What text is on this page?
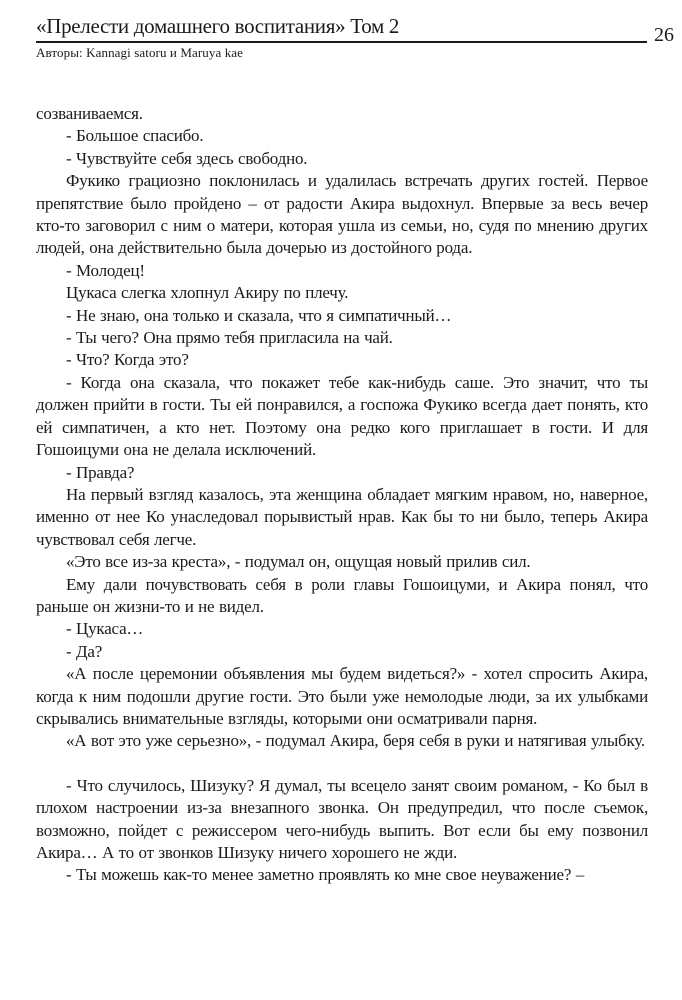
«Прелести домашнего воспитания» Том 2	26
Авторы: Kannagi satoru и Maruya kae

созваниваемся.

- Большое спасибо.

- Чувствуйте себя здесь свободно.

Фукико грациозно поклонилась и удалилась встречать других гостей. Первое препятствие было пройдено – от радости Акира выдохнул. Впервые за весь вечер кто-то заговорил с ним о матери, которая ушла из семьи, но, судя по мнению других людей, она действительно была дочерью из достойного рода.

- Молодец!

Цукаса слегка хлопнул Акиру по плечу.

- Не знаю, она только и сказала, что я симпатичный…

- Ты чего? Она прямо тебя пригласила на чай.

- Что? Когда это?

- Когда она сказала, что покажет тебе как-нибудь саше. Это значит, что ты должен прийти в гости. Ты ей понравился, а госпожа Фукико всегда дает понять, кто ей симпатичен, а кто нет. Поэтому она редко кого приглашает в гости. И для Гошоицуми она не делала исключений.

- Правда?

На первый взгляд казалось, эта женщина обладает мягким нравом, но, наверное, именно от нее Ко унаследовал порывистый нрав. Как бы то ни было, теперь Акира чувствовал себя легче.

«Это все из-за креста», - подумал он, ощущая новый прилив сил.

Ему дали почувствовать себя в роли главы Гошоицуми, и Акира понял, что раньше он жизни-то и не видел.

- Цукаса…

- Да?

«А после церемонии объявления мы будем видеться?» - хотел спросить Акира, когда к ним подошли другие гости. Это были уже немолодые люди, за их улыбками скрывались внимательные взгляды, которыми они осматривали парня.

«А вот это уже серьезно», - подумал Акира, беря себя в руки и натягивая улыбку.

- Что случилось, Шизуку? Я думал, ты всецело занят своим романом, - Ко был в плохом настроении из-за внезапного звонка. Он предупредил, что после съемок, возможно, пойдет с режиссером чего-нибудь выпить. Вот если бы ему позвонил Акира… А то от звонков Шизуку ничего хорошего не жди.

- Ты можешь как-то менее заметно проявлять ко мне свое неуважение? –
